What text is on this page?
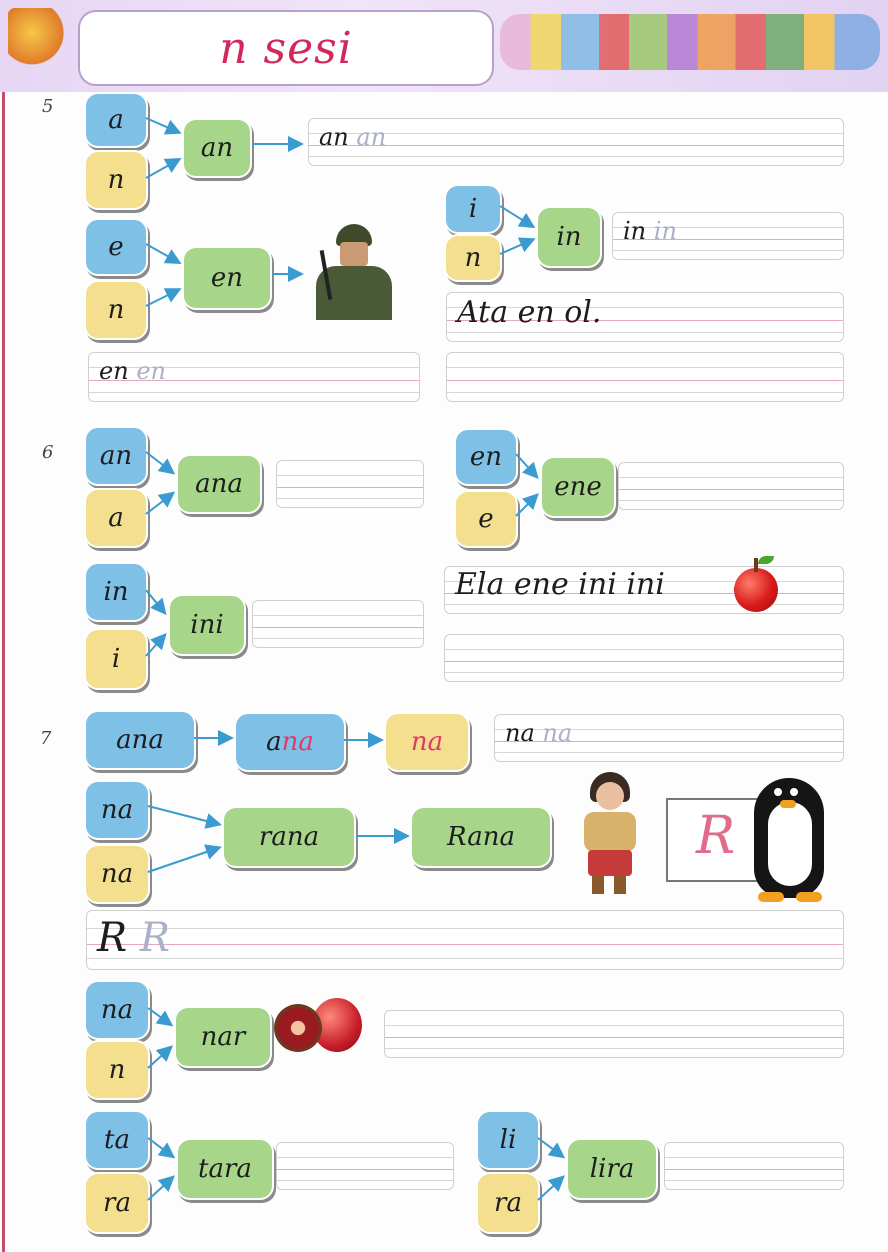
n sesi
5	a
n
an	an an
e
n
en
i
n
in	in in
Ata en ol.
en en
6	an
a
ana
en
e
ene
in
i
ini
Ela ene ini ini
7	ana	a na	na	na na
na
na
rana	Rana	R
R R
na
n
nar
ta
ra
tara
li
ra
lira
